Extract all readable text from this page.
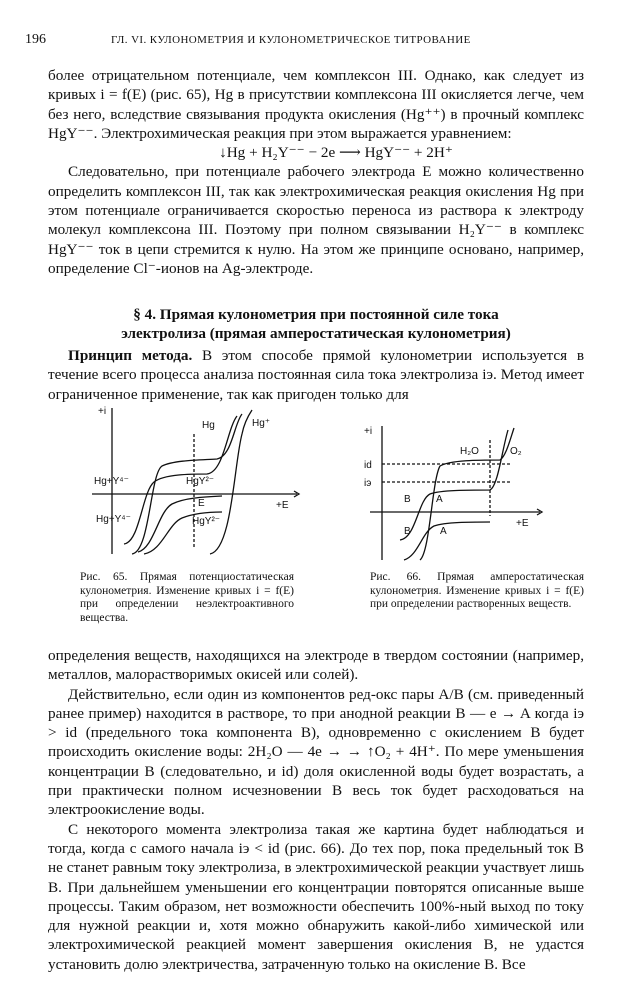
196	ГЛ. VI. КУЛОНОМЕТРИЯ И КУЛОНОМЕТРИЧЕСКОЕ ТИТРОВАНИЕ

более отрицательном потенциале, чем комплексон III. Однако, как следует из кривых i = f(E) (рис. 65), Hg в присутствии комплексона III окисляется легче, чем без него, вследствие связывания продукта окисления (Hg⁺⁺) в прочный комплекс HgY⁻⁻. Электрохимическая реакция при этом выражается уравнением:

↓Hg + H₂Y⁻⁻ − 2e ⟶ HgY⁻⁻ + 2H⁺

Следовательно, при потенциале рабочего электрода E можно количественно определить комплексон III, так как электрохимическая реакция окисления Hg при этом потенциале ограничивается скоростью переноса из раствора к электроду молекул комплексона III. Поэтому при полном связывании H₂Y⁻⁻ в комплекс HgY⁻⁻ ток в цепи стремится к нулю. На этом же принципе основано, например, определение Cl⁻-ионов на Ag-электроде.

§ 4. Прямая кулонометрия при постоянной силе тока
электролиза (прямая амперостатическая кулонометрия)

Принцип метода. В этом способе прямой кулонометрии используется в течение всего процесса анализа постоянная сила тока электролиза iэ. Метод имеет ограниченное применение, так как пригоден только для

+i
+E
E
Hg	Hg⁺
Hg+Y⁴⁻	HgY²⁻
Hg+Y⁴⁻	HgY²⁻
Рис. 65. Прямая потенциостатическая кулонометрия. Изменение кривых i = f(E) при определении неэлектроактивного вещества.
+i
+E
id
iэ
H₂O	O₂
B	A
B	A
Рис. 66. Прямая амперостатическая кулонометрия. Изменение кривых i = f(E) при определении растворенных веществ.

определения веществ, находящихся на электроде в твердом состоянии (например, металлов, малорастворимых окисей или солей).

Действительно, если один из компонентов ред-окс пары A/B (см. приведенный ранее пример) находится в растворе, то при анодной реакции B — e → A когда iэ > id (предельного тока компонента B), одновременно с окислением B будет происходить окисление воды: 2H₂O — 4e → → ↑O₂ + 4H⁺. По мере уменьшения концентрации B (следовательно, и id) доля окисленной воды будет возрастать, а при практически полном исчезновении B весь ток будет расходоваться на электроокисление воды.

С некоторого момента электролиза такая же картина будет наблюдаться и тогда, когда с самого начала iэ < id (рис. 66). До тех пор, пока предельный ток B не станет равным току электролиза, в электрохимической реакции участвует лишь B. При дальнейшем уменьшении его концентрации повторятся описанные выше процессы. Таким образом, нет возможности обеспечить 100%-ный выход по току для нужной реакции и, хотя можно обнаружить какой-либо химической или электрохимической реакцией момент завершения окисления B, не удастся установить долю электричества, затраченную только на окисление B. Все
